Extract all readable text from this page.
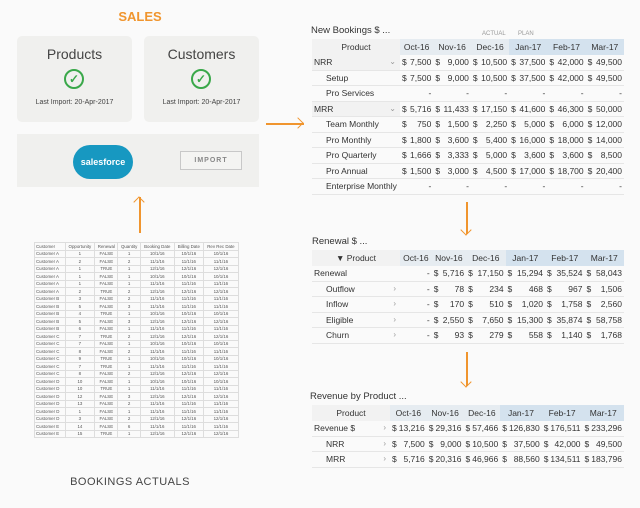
SALES
Products
✓
Last Import: 20-Apr-2017
Customers
✓
Last Import: 20-Apr-2017
salesforce	IMPORT
Customer	Opportunity	Renewal	Quantity	Booking Date	Billing Date	Rev Rec Date
Customer A	1	FALSE	1	10/1/16	10/1/16	10/1/16
Customer A	2	FALSE	2	11/1/16	11/1/16	11/1/16
Customer A	1	TRUE	1	12/1/16	12/1/16	12/1/16
Customer A	1	FALSE	1	10/1/16	10/1/16	10/1/16
Customer A	1	FALSE	1	11/1/16	11/1/16	11/1/16
Customer A	2	TRUE	2	12/1/16	12/1/16	12/1/16
Customer B	3	FALSE	2	11/1/16	11/1/16	11/1/16
Customer B	5	FALSE	3	11/1/16	11/1/16	11/1/16
Customer B	4	TRUE	1	10/1/16	10/1/16	10/1/16
Customer B	5	FALSE	3	12/1/16	12/1/16	12/1/16
Customer B	6	FALSE	1	11/1/16	11/1/16	11/1/16
Customer C	7	TRUE	2	12/1/16	12/1/16	12/1/16
Customer C	7	FALSE	1	10/1/16	10/1/16	10/1/16
Customer C	8	FALSE	2	11/1/16	11/1/16	11/1/16
Customer C	9	TRUE	1	10/1/16	10/1/16	10/1/16
Customer C	7	TRUE	1	11/1/16	11/1/16	11/1/16
Customer C	8	FALSE	2	12/1/16	12/1/16	12/1/16
Customer D	10	FALSE	1	10/1/16	10/1/16	10/1/16
Customer D	10	TRUE	1	11/1/16	11/1/16	11/1/16
Customer D	12	FALSE	3	12/1/16	12/1/16	12/1/16
Customer D	13	FALSE	2	11/1/16	11/1/16	11/1/16
Customer D	1	FALSE	1	11/1/16	11/1/16	11/1/16
Customer D	3	FALSE	2	12/1/16	12/1/16	12/1/16
Customer E	14	FALSE	6	11/1/16	11/1/16	11/1/16
Customer E	15	TRUE	1	12/1/16	12/1/16	12/1/16
BOOKINGS ACTUALS
New Bookings $ ...	ACTUAL PLAN
Product	Oct-16		Nov-16		Dec-16		Jan-17		Feb-17		Mar-17	
NRR ⌄	$	7,500	$	9,000	$	10,500	$	37,500	$	42,000	$	49,500
Setup	$	7,500	$	9,000	$	10,500	$	37,500	$	42,000	$	49,500
Pro Services		-		-		-		-		-		-
MRR ⌄	$	5,716	$	11,433	$	17,150	$	41,600	$	46,300	$	50,000
Team Monthly	$	750	$	1,500	$	2,250	$	5,000	$	6,000	$	12,000
Pro Monthly	$	1,800	$	3,600	$	5,400	$	16,000	$	18,000	$	14,000
Pro Quarterly	$	1,666	$	3,333	$	5,000	$	3,600	$	3,600	$	8,500
Pro Annual	$	1,500	$	3,000	$	4,500	$	17,000	$	18,700	$	20,400
Enterprise Monthly		-		-		-		-		-		-
Renewal $ ...
▼ Product	Oct-16		Nov-16		Dec-16		Jan-17		Feb-17		Mar-17	
Renewal		-	$	5,716	$	17,150	$	15,294	$	35,524	$	58,043
Outflow ›		-	$	78	$	234	$	468	$	967	$	1,506
Inflow ›		-	$	170	$	510	$	1,020	$	1,758	$	2,560
Eligible ›		-	$	2,550	$	7,650	$	15,300	$	35,874	$	58,758
Churn ›		-	$	93	$	279	$	558	$	1,140	$	1,768
Revenue by Product ...
Product	Oct-16		Nov-16		Dec-16		Jan-17		Feb-17		Mar-17	
Revenue $ ›	$	13,216	$	29,316	$	57,466	$	126,830	$	176,511	$	233,296
NRR ›	$	7,500	$	9,000	$	10,500	$	37,500	$	42,000	$	49,500
MRR ›	$	5,716	$	20,316	$	46,966	$	88,560	$	134,511	$	183,796
